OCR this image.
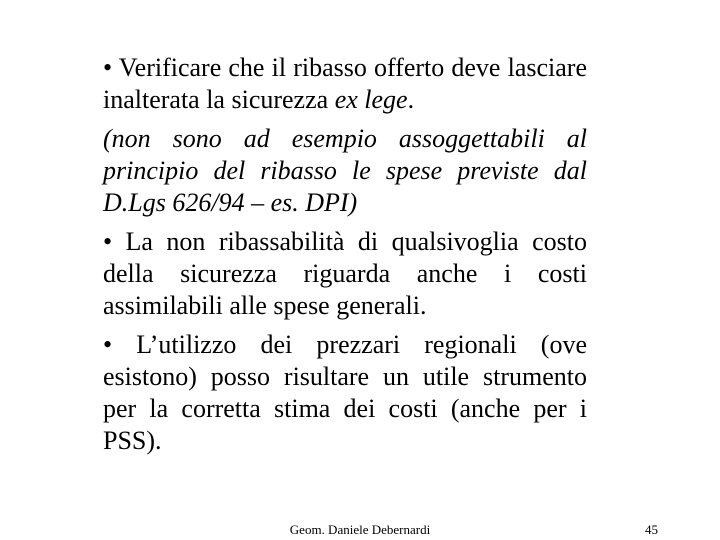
• Verificare che il ribasso offerto deve lasciare inalterata la sicurezza ex lege.

(non sono ad esempio assoggettabili al principio del ribasso le spese previste dal D.Lgs 626/94 – es. DPI)

• La non ribassabilità di qualsivoglia costo della sicurezza riguarda anche i costi assimilabili alle spese generali.

• L’utilizzo dei prezzari regionali (ove esistono) posso risultare un utile strumento per la corretta stima dei costi (anche per i PSS).

Geom. Daniele Debernardi	45
